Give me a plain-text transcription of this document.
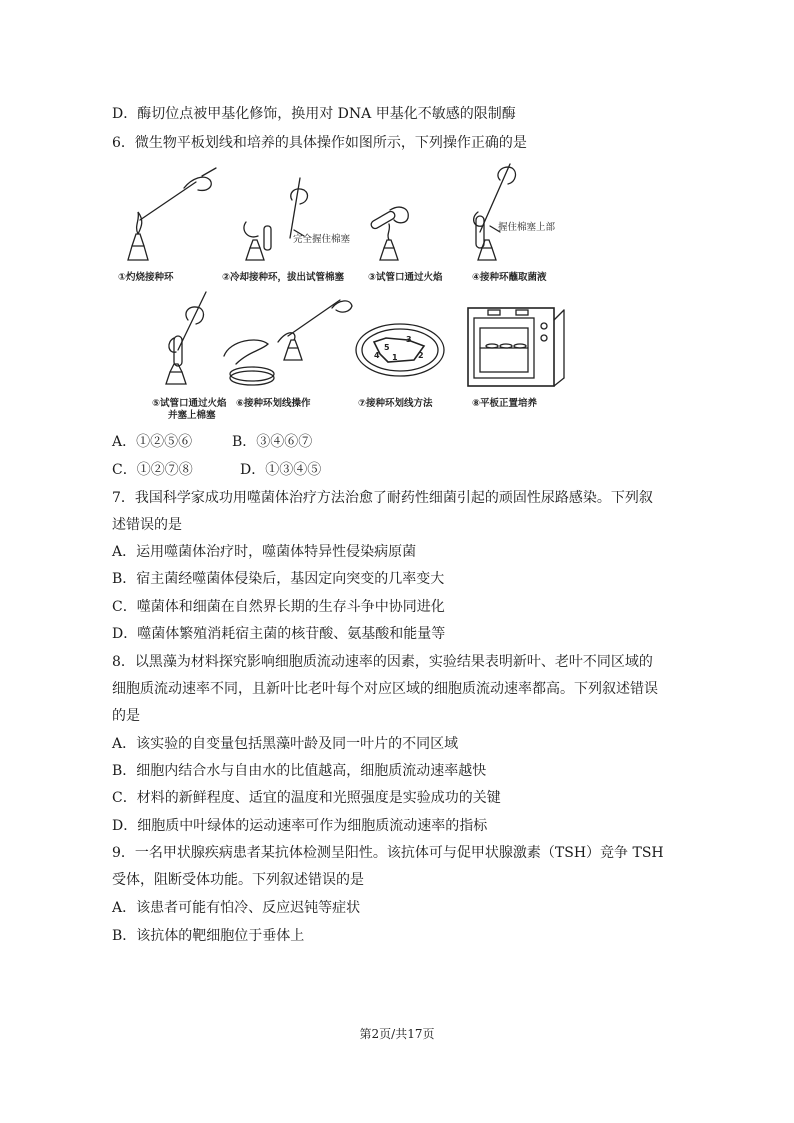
D．酶切位点被甲基化修饰，换用对 DNA 甲基化不敏感的限制酶
6．微生物平板划线和培养的具体操作如图所示，下列操作正确的是
5
4 1	2
3
完全握住棉塞
握住棉塞上部
①灼烧接种环	②冷却接种环，拔出试管棉塞	③试管口通过火焰	④接种环蘸取菌液
⑤试管口通过火焰
并塞上棉塞
⑥接种环划线操作	⑦接种环划线方法	⑧平板正置培养
A．①②⑤⑥	B．③④⑥⑦
C．①②⑦⑧	D．①③④⑤
7．我国科学家成功用噬菌体治疗方法治愈了耐药性细菌引起的顽固性尿路感染。下列叙
述错误的是
A．运用噬菌体治疗时，噬菌体特异性侵染病原菌
B．宿主菌经噬菌体侵染后，基因定向突变的几率变大
C．噬菌体和细菌在自然界长期的生存斗争中协同进化
D．噬菌体繁殖消耗宿主菌的核苷酸、氨基酸和能量等
8．以黑藻为材料探究影响细胞质流动速率的因素，实验结果表明新叶、老叶不同区域的
细胞质流动速率不同，且新叶比老叶每个对应区域的细胞质流动速率都高。下列叙述错误
的是
A．该实验的自变量包括黑藻叶龄及同一叶片的不同区域
B．细胞内结合水与自由水的比值越高，细胞质流动速率越快
C．材料的新鲜程度、适宜的温度和光照强度是实验成功的关键
D．细胞质中叶绿体的运动速率可作为细胞质流动速率的指标
9．一名甲状腺疾病患者某抗体检测呈阳性。该抗体可与促甲状腺激素（TSH）竞争 TSH
受体，阻断受体功能。下列叙述错误的是
A．该患者可能有怕冷、反应迟钝等症状
B．该抗体的靶细胞位于垂体上
第2页/共17页
